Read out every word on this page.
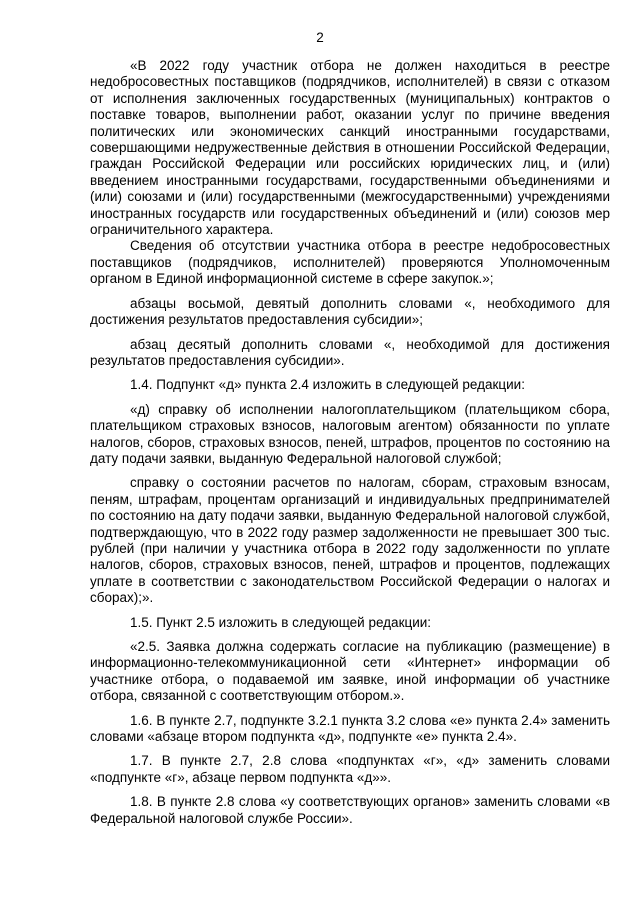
2

«В 2022 году участник отбора не должен находиться в реестре недобросовестных поставщиков (подрядчиков, исполнителей) в связи с отказом от исполнения заключенных государственных (муниципальных) контрактов о поставке товаров, выполнении работ, оказании услуг по причине введения политических или экономических санкций иностранными государствами, совершающими недружественные действия в отношении Российской Федерации, граждан Российской Федерации или российских юридических лиц, и (или) введением иностранными государствами, государственными объединениями и (или) союзами и (или) государственными (межгосударственными) учреждениями иностранных государств или государственных объединений и (или) союзов мер ограничительного характера.

Сведения об отсутствии участника отбора в реестре недобросовестных поставщиков (подрядчиков, исполнителей) проверяются Уполномоченным органом в Единой информационной системе в сфере закупок.»;

абзацы восьмой, девятый дополнить словами «, необходимого для достижения результатов предоставления субсидии»;

абзац десятый дополнить словами «, необходимой для достижения результатов предоставления субсидии».

1.4. Подпункт «д» пункта 2.4 изложить в следующей редакции:

«д) справку об исполнении налогоплательщиком (плательщиком сбора, плательщиком страховых взносов, налоговым агентом) обязанности по уплате налогов, сборов, страховых взносов, пеней, штрафов, процентов по состоянию на дату подачи заявки, выданную Федеральной налоговой службой;

справку о состоянии расчетов по налогам, сборам, страховым взносам, пеням, штрафам, процентам организаций и индивидуальных предпринимателей по состоянию на дату подачи заявки, выданную Федеральной налоговой службой, подтверждающую, что в 2022 году размер задолженности не превышает 300 тыс. рублей (при наличии у участника отбора в 2022 году задолженности по уплате налогов, сборов, страховых взносов, пеней, штрафов и процентов, подлежащих уплате в соответствии с законодательством Российской Федерации о налогах и сборах);».

1.5. Пункт 2.5 изложить в следующей редакции:

«2.5. Заявка должна содержать согласие на публикацию (размещение) в информационно-телекоммуникационной сети «Интернет» информации об участнике отбора, о подаваемой им заявке, иной информации об участнике отбора, связанной с соответствующим отбором.».

1.6. В пункте 2.7, подпункте 3.2.1 пункта 3.2 слова «е» пункта 2.4» заменить словами «абзаце втором подпункта «д», подпункте «е» пункта 2.4».

1.7. В пункте 2.7, 2.8 слова «подпунктах «г», «д» заменить словами «подпункте «г», абзаце первом подпункта «д»».

1.8. В пункте 2.8 слова «у соответствующих органов» заменить словами «в Федеральной налоговой службе России».
